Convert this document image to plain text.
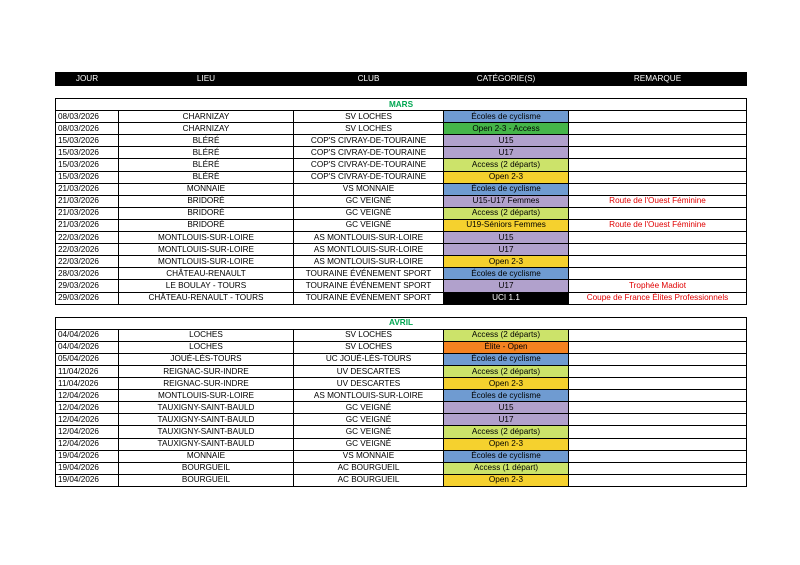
JOUR	LIEU	CLUB	CATÉGORIE(S)	REMARQUE

MARS				
08/03/2026	CHARNIZAY	SV LOCHES	Écoles de cyclisme	
08/03/2026	CHARNIZAY	SV LOCHES	Open 2-3 - Access	
15/03/2026	BLÉRÉ	COP'S CIVRAY-DE-TOURAINE	U15	
15/03/2026	BLÉRÉ	COP'S CIVRAY-DE-TOURAINE	U17	
15/03/2026	BLÉRÉ	COP'S CIVRAY-DE-TOURAINE	Access (2 départs)	
15/03/2026	BLÉRÉ	COP'S CIVRAY-DE-TOURAINE	Open 2-3	
21/03/2026	MONNAIE	VS MONNAIE	Écoles de cyclisme	
21/03/2026	BRIDORÉ	GC VEIGNÉ	U15-U17 Femmes	Route de l'Ouest Féminine
21/03/2026	BRIDORÉ	GC VEIGNÉ	Access (2 départs)	
21/03/2026	BRIDORÉ	GC VEIGNÉ	U19-Séniors Femmes	Route de l'Ouest Féminine
22/03/2026	MONTLOUIS-SUR-LOIRE	AS MONTLOUIS-SUR-LOIRE	U15	
22/03/2026	MONTLOUIS-SUR-LOIRE	AS MONTLOUIS-SUR-LOIRE	U17	
22/03/2026	MONTLOUIS-SUR-LOIRE	AS MONTLOUIS-SUR-LOIRE	Open 2-3	
28/03/2026	CHÂTEAU-RENAULT	TOURAINE ÉVÉNEMENT SPORT	Écoles de cyclisme	
29/03/2026	LE BOULAY - TOURS	TOURAINE ÉVÉNEMENT SPORT	U17	Trophée Madiot
29/03/2026	CHÂTEAU-RENAULT - TOURS	TOURAINE ÉVÉNEMENT SPORT	UCI 1.1	Coupe de France Élites Professionnels

AVRIL				
04/04/2026	LOCHES	SV LOCHES	Access (2 départs)	
04/04/2026	LOCHES	SV LOCHES	Élite - Open	
05/04/2026	JOUÉ-LÈS-TOURS	UC JOUÉ-LÈS-TOURS	Écoles de cyclisme	
11/04/2026	REIGNAC-SUR-INDRE	UV DESCARTES	Access (2 départs)	
11/04/2026	REIGNAC-SUR-INDRE	UV DESCARTES	Open 2-3	
12/04/2026	MONTLOUIS-SUR-LOIRE	AS MONTLOUIS-SUR-LOIRE	Écoles de cyclisme	
12/04/2026	TAUXIGNY-SAINT-BAULD	GC VEIGNÉ	U15	
12/04/2026	TAUXIGNY-SAINT-BAULD	GC VEIGNÉ	U17	
12/04/2026	TAUXIGNY-SAINT-BAULD	GC VEIGNÉ	Access (2 départs)	
12/04/2026	TAUXIGNY-SAINT-BAULD	GC VEIGNÉ	Open 2-3	
19/04/2026	MONNAIE	VS MONNAIE	Écoles de cyclisme	
19/04/2026	BOURGUEIL	AC BOURGUEIL	Access (1 départ)	
19/04/2026	BOURGUEIL	AC BOURGUEIL	Open 2-3	
